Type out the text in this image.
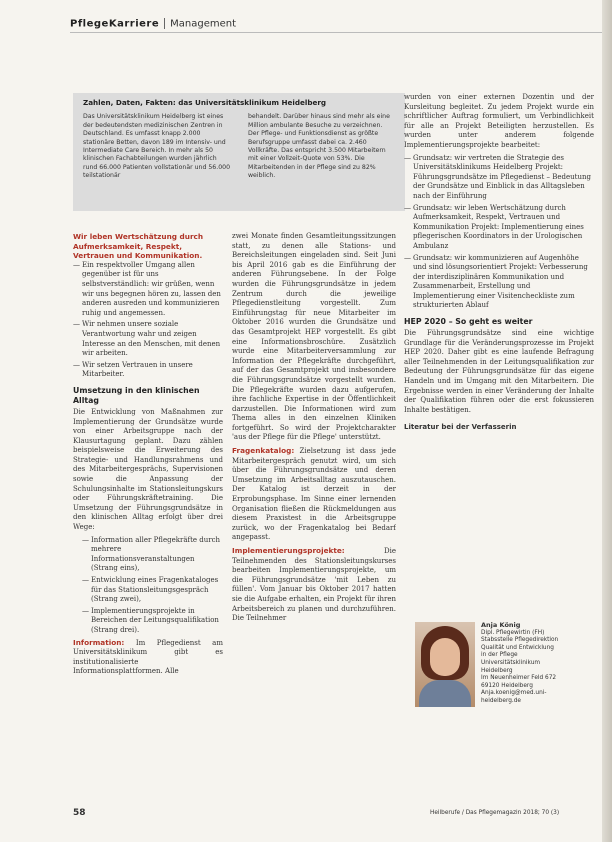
PflegeKarriere Management
Zahlen, Daten, Fakten: das Universitätsklinikum Heidelberg
Das Universitätsklinikum Heidelberg ist eines der bedeutendsten medizinischen Zentren in Deutschland. Es umfasst knapp 2.000 stationäre Betten, davon 189 im Intensiv- und Intermediate Care Bereich. In mehr als 50 klinischen Fachabteilungen wurden jährlich rund 66.000 Patienten vollstationär und 56.000 teilstationär
behandelt. Darüber hinaus sind mehr als eine Million ambulante Besuche zu verzeichnen. Der Pflege- und Funktionsdienst as größte Berufsgruppe umfasst dabei ca. 2.460 Vollkräfte. Das entspricht 3.500 Mitarbeitern mit einer Vollzeit-Quote von 53%. Die Mitarbeitenden in der Pflege sind zu 82% weiblich.
Wir leben Wertschätzung durch Aufmerksamkeit, Respekt, Vertrauen und Kommunikation.
— Ein respektvoller Umgang allen gegenüber ist für uns selbstverständlich: wir grüßen, wenn wir uns begegnen hören zu, lassen den anderen ausreden und kommunizieren ruhig und angemessen.
— Wir nehmen unsere soziale Verantwortung wahr und zeigen Interesse an den Menschen, mit denen wir arbeiten.
— Wir setzen Vertrauen in unsere Mitarbeiter.
Umsetzung in den klinischen Alltag

Die Entwicklung von Maßnahmen zur Implementierung der Grundsätze wurde von einer Arbeitsgruppe nach der Klausurtagung geplant. Dazu zählen beispielsweise die Erweiterung des Strategie- und Handlungsrahmens und des Mitarbeitergesprächs, Supervisionen sowie die Anpassung der Schulungsinhalte im Stationsleitungskurs oder Führungskräftetraining. Die Umsetzung der Führungsgrundsätze in den klinischen Alltag erfolgt über drei Wege:

— Information aller Pflegekräfte durch mehrere Informationsveranstaltungen (Strang eins),
— Entwicklung eines Fragenkataloges für das Stationsleitungsgespräch (Strang zwei),
— Implementierungsprojekte in Bereichen der Leitungsqualifikation (Strang drei).

Information: Im Pflegedienst am Universitätsklinikum gibt es institutionalisierte Informationsplattformen. Alle

zwei Monate finden Gesamtleitungssitzungen statt, zu denen alle Stations- und Bereichsleitungen eingeladen sind. Seit Juni bis April 2016 gab es die Einführung der anderen Führungsebene. In der Folge wurden die Führungsgrundsätze in jedem Zentrum durch die jeweilige Pflegedienstleitung vorgestellt. Zum Einführungstag für neue Mitarbeiter im Oktober 2016 wurden die Grundsätze und das Gesamtprojekt HEP vorgestellt. Es gibt eine Informationsbroschüre. Zusätzlich wurde eine Mitarbeiterversammlung zur Information der Pflegekräfte durchgeführt, auf der das Gesamtprojekt und insbesondere die Führungsgrundsätze vorgestellt wurden. Die Pflegekräfte wurden dazu aufgerufen, ihre fachliche Expertise in der Öffentlichkeit darzustellen. Die Informationen wird zum Thema alles in den einzelnen Kliniken fortgeführt. So wird der Projektcharakter 'aus der Pflege für die Pflege' unterstützt.

Fragenkatalog: Zielsetzung ist dass jede Mitarbeitergespräch genutzt wird, um sich über die Führungsgrundsätze und deren Umsetzung im Arbeitsalltag auszutauschen. Der Katalog ist derzeit in der Erprobungsphase. Im Sinne einer lernenden Organisation fließen die Rückmeldungen aus diesem Praxistest in die Arbeitsgruppe zurück, wo der Fragenkatalog bei Bedarf angepasst.

Implementierungsprojekte:	Die Teilnehmenden des Stationsleitungskurses bearbeiten Implementierungsprojekte, um die Führungsgrundsätze 'mit Leben zu füllen'. Vom Januar bis Oktober 2017 hatten sie die Aufgabe erhalten, ein Projekt für ihren Arbeitsbereich zu planen und durchzuführen. Die Teilnehmer

wurden von einer externen Dozentin und der Kursleitung begleitet. Zu jedem Projekt wurde ein schriftlicher Auftrag formuliert, um Verbindlichkeit für alle an Projekt Beteiligten herzustellen. Es wurden unter anderem folgende Implementierungsprojekte bearbeitet:

— Grundsatz: wir vertreten die Strategie des Universitätsklinikums Heidelberg Projekt: Führungsgrundsätze im Pflegedienst – Bedeutung der Grundsätze und Einblick in das Alltagsleben nach der Einführung
— Grundsatz: wir leben Wertschätzung durch Aufmerksamkeit, Respekt, Vertrauen und Kommunikation Projekt: Implementierung eines pflegerischen Koordinators in der Urologischen Ambulanz
— Grundsatz: wir kommunizieren auf Augenhöhe und sind lösungsorientiert Projekt: Verbesserung der interdisziplinären Kommunikation und Zusammenarbeit, Erstellung und Implementierung einer Visitencheckliste zum strukturierten Ablauf
HEP 2020 – So geht es weiter

Die Führungsgrundsätze sind eine wichtige Grundlage für die Veränderungsprozesse im Projekt HEP 2020. Daher gibt es eine laufende Befragung aller Teilnehmenden in der Leitungsqualifikation zur Bedeutung der Führungsgrundsätze für das eigene Handeln und im Umgang mit den Mitarbeitern. Die Ergebnisse werden in einer Veränderung der Inhalte der Qualifikation führen oder die erst fokussieren Inhalte bestätigen.

Literatur bei der Verfasserin
Anja König
Dipl. Pflegewirtin (FH)
Stabsstelle Pflegedirektion
Qualität und Entwicklung
in der Pflege
Universitätsklinikum
Heidelberg
Im Neuenheimer Feld 672
69120 Heidelberg
Anja.koenig@med.uni-
heidelberg.de
58	Heilberufe / Das Pflegemagazin 2018; 70 (3)
